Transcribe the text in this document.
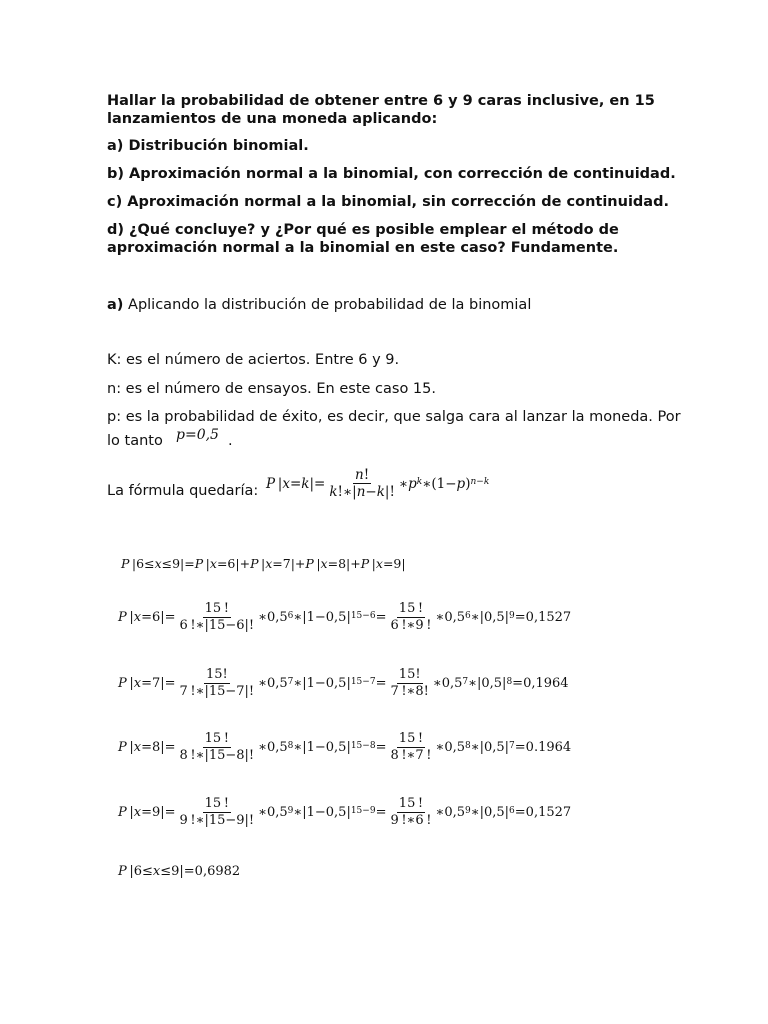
Hallar la probabilidad de obtener entre 6 y 9 caras inclusive, en 15
lanzamientos de una moneda aplicando:
a) Distribución binomial.
b) Aproximación normal a la binomial, con corrección de continuidad.
c) Aproximación normal a la binomial, sin corrección de continuidad.
d) ¿Qué concluye? y ¿Por qué es posible emplear el método de
aproximación normal a la binomial en este caso? Fundamente.
a) Aplicando la distribución de probabilidad de la binomial
K: es el número de aciertos. Entre 6 y 9.
n: es el número de ensayos. En este caso 15.
p: es la probabilidad de éxito, es decir, que salga cara al lanzar la moneda. Por
lo tanto p=0,5 .
La fórmula quedaría: P  | x = k |= $\frac{n!}{k!∗|n-k|!}$ ∗ p $^k$ ∗(1− p ) $^{n-k}$
P  |6≤ x ≤9|= P  | x =6|+ P  | x =7|+ P  | x =8|+ P  | x =9|
P  | $x =6|= \frac{15 !}{6 !∗|15-6|!}$ $∗0,5^6$ $∗|1-0,5|^{15-6} = \frac{15 !}{6 !∗9 !}$ $∗0,5^6$ $∗|0,5|^9 = 0,1527$
P  | $x =7|= \frac{15!}{7 !∗|15-7|!}$ $∗0,5^7$ $∗|1-0,5|^{15-7} = \frac{15!}{7 !∗8!}$ $∗0,5^7$ $∗|0,5|^8 = 0,1964$
P  | $x =8|= \frac{15 !}{8 !∗|15-8|!}$ $∗0,5^8$ $∗|1-0,5|^{15-8} = \frac{15 !}{8 !∗7 !}$ $∗0,5^8$ $∗|0,5|^7 = 0.1964$
P  | $x =9|= \frac{15 !}{9 !∗|15-9|!}$ $∗0,5^9$ $∗|1-0,5|^{15-9} = \frac{15 !}{9 !∗6 !}$ $∗0,5^9$ $∗|0,5|^6 = 0,1527$
P  |6≤ x ≤9|= 0,6982
